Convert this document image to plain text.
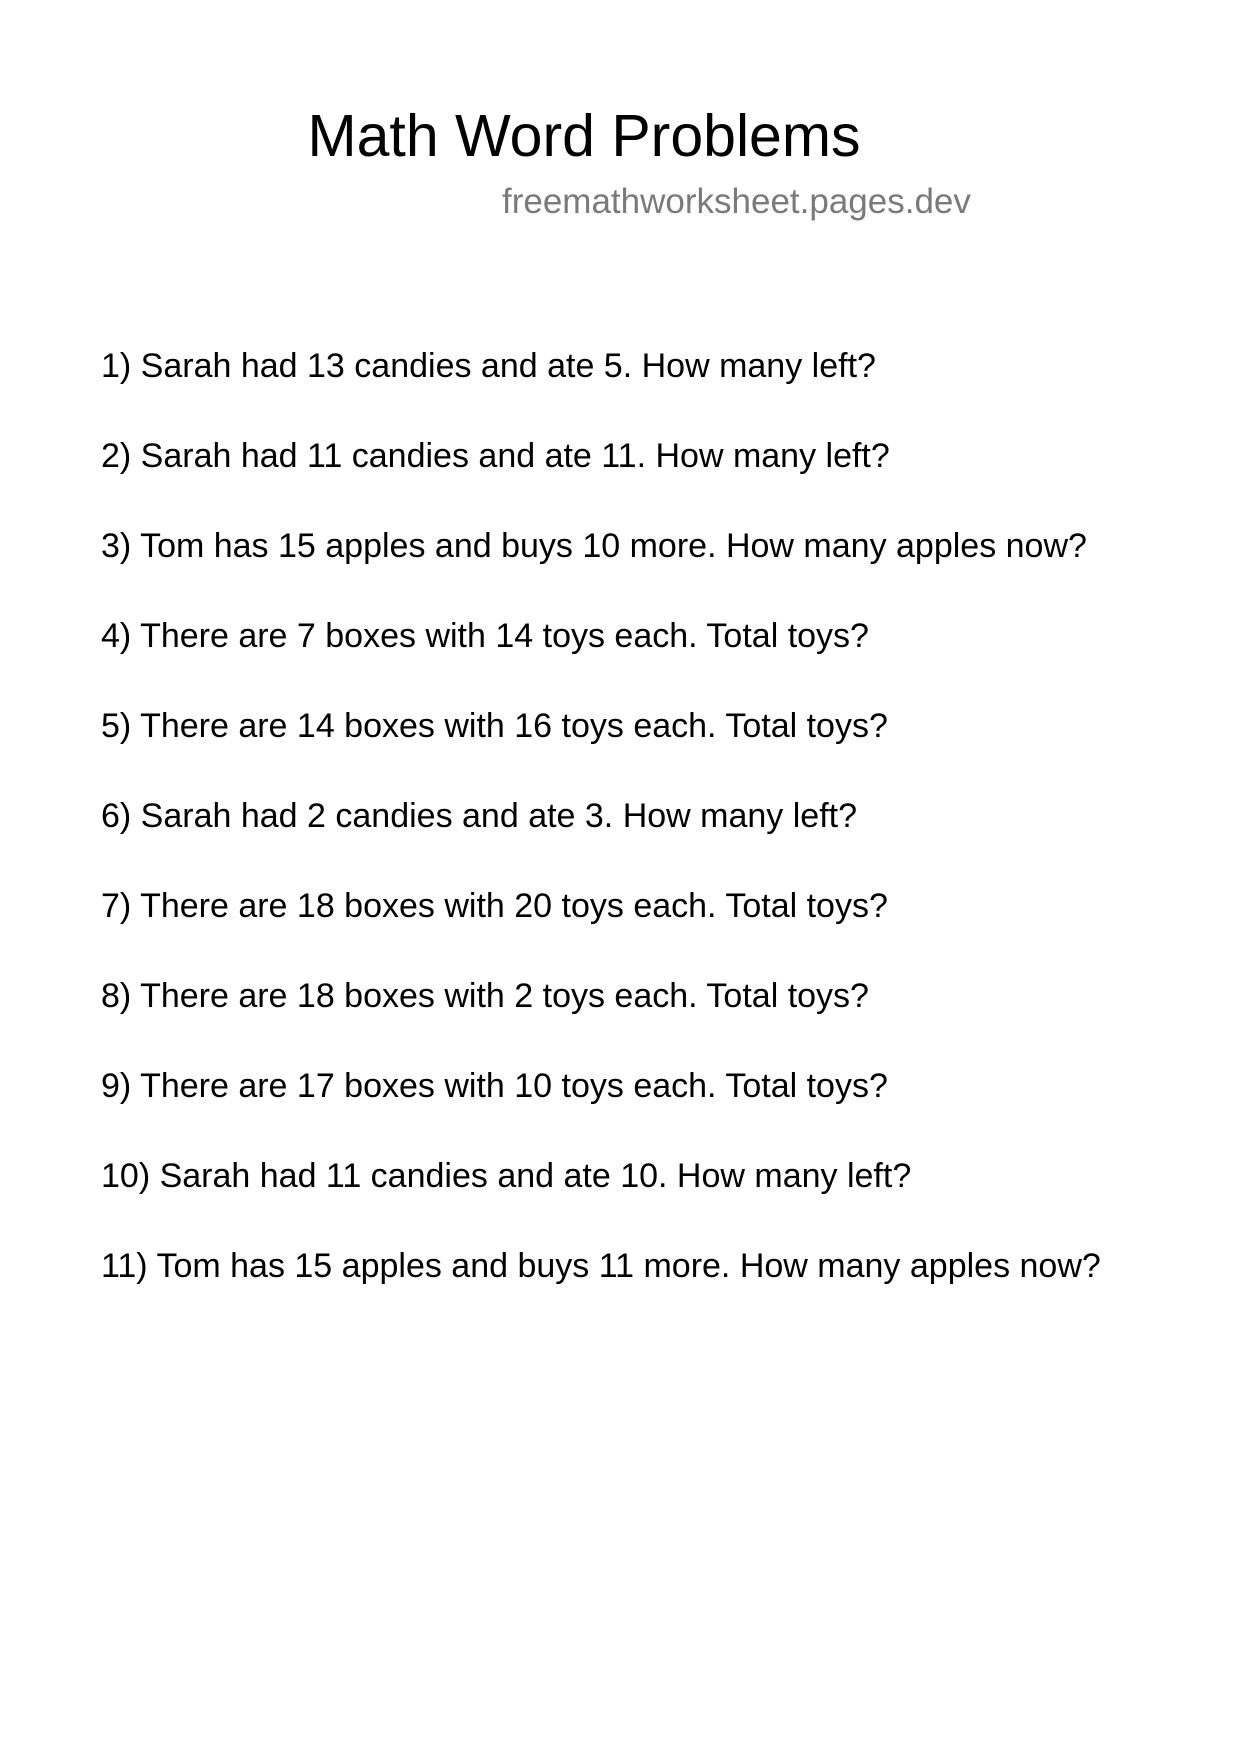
Math Word Problems
freemathworksheet.pages.dev
1) Sarah had 13 candies and ate 5. How many left?
2) Sarah had 11 candies and ate 11. How many left?
3) Tom has 15 apples and buys 10 more. How many apples now?
4) There are 7 boxes with 14 toys each. Total toys?
5) There are 14 boxes with 16 toys each. Total toys?
6) Sarah had 2 candies and ate 3. How many left?
7) There are 18 boxes with 20 toys each. Total toys?
8) There are 18 boxes with 2 toys each. Total toys?
9) There are 17 boxes with 10 toys each. Total toys?
10) Sarah had 11 candies and ate 10. How many left?
11) Tom has 15 apples and buys 11 more. How many apples now?
